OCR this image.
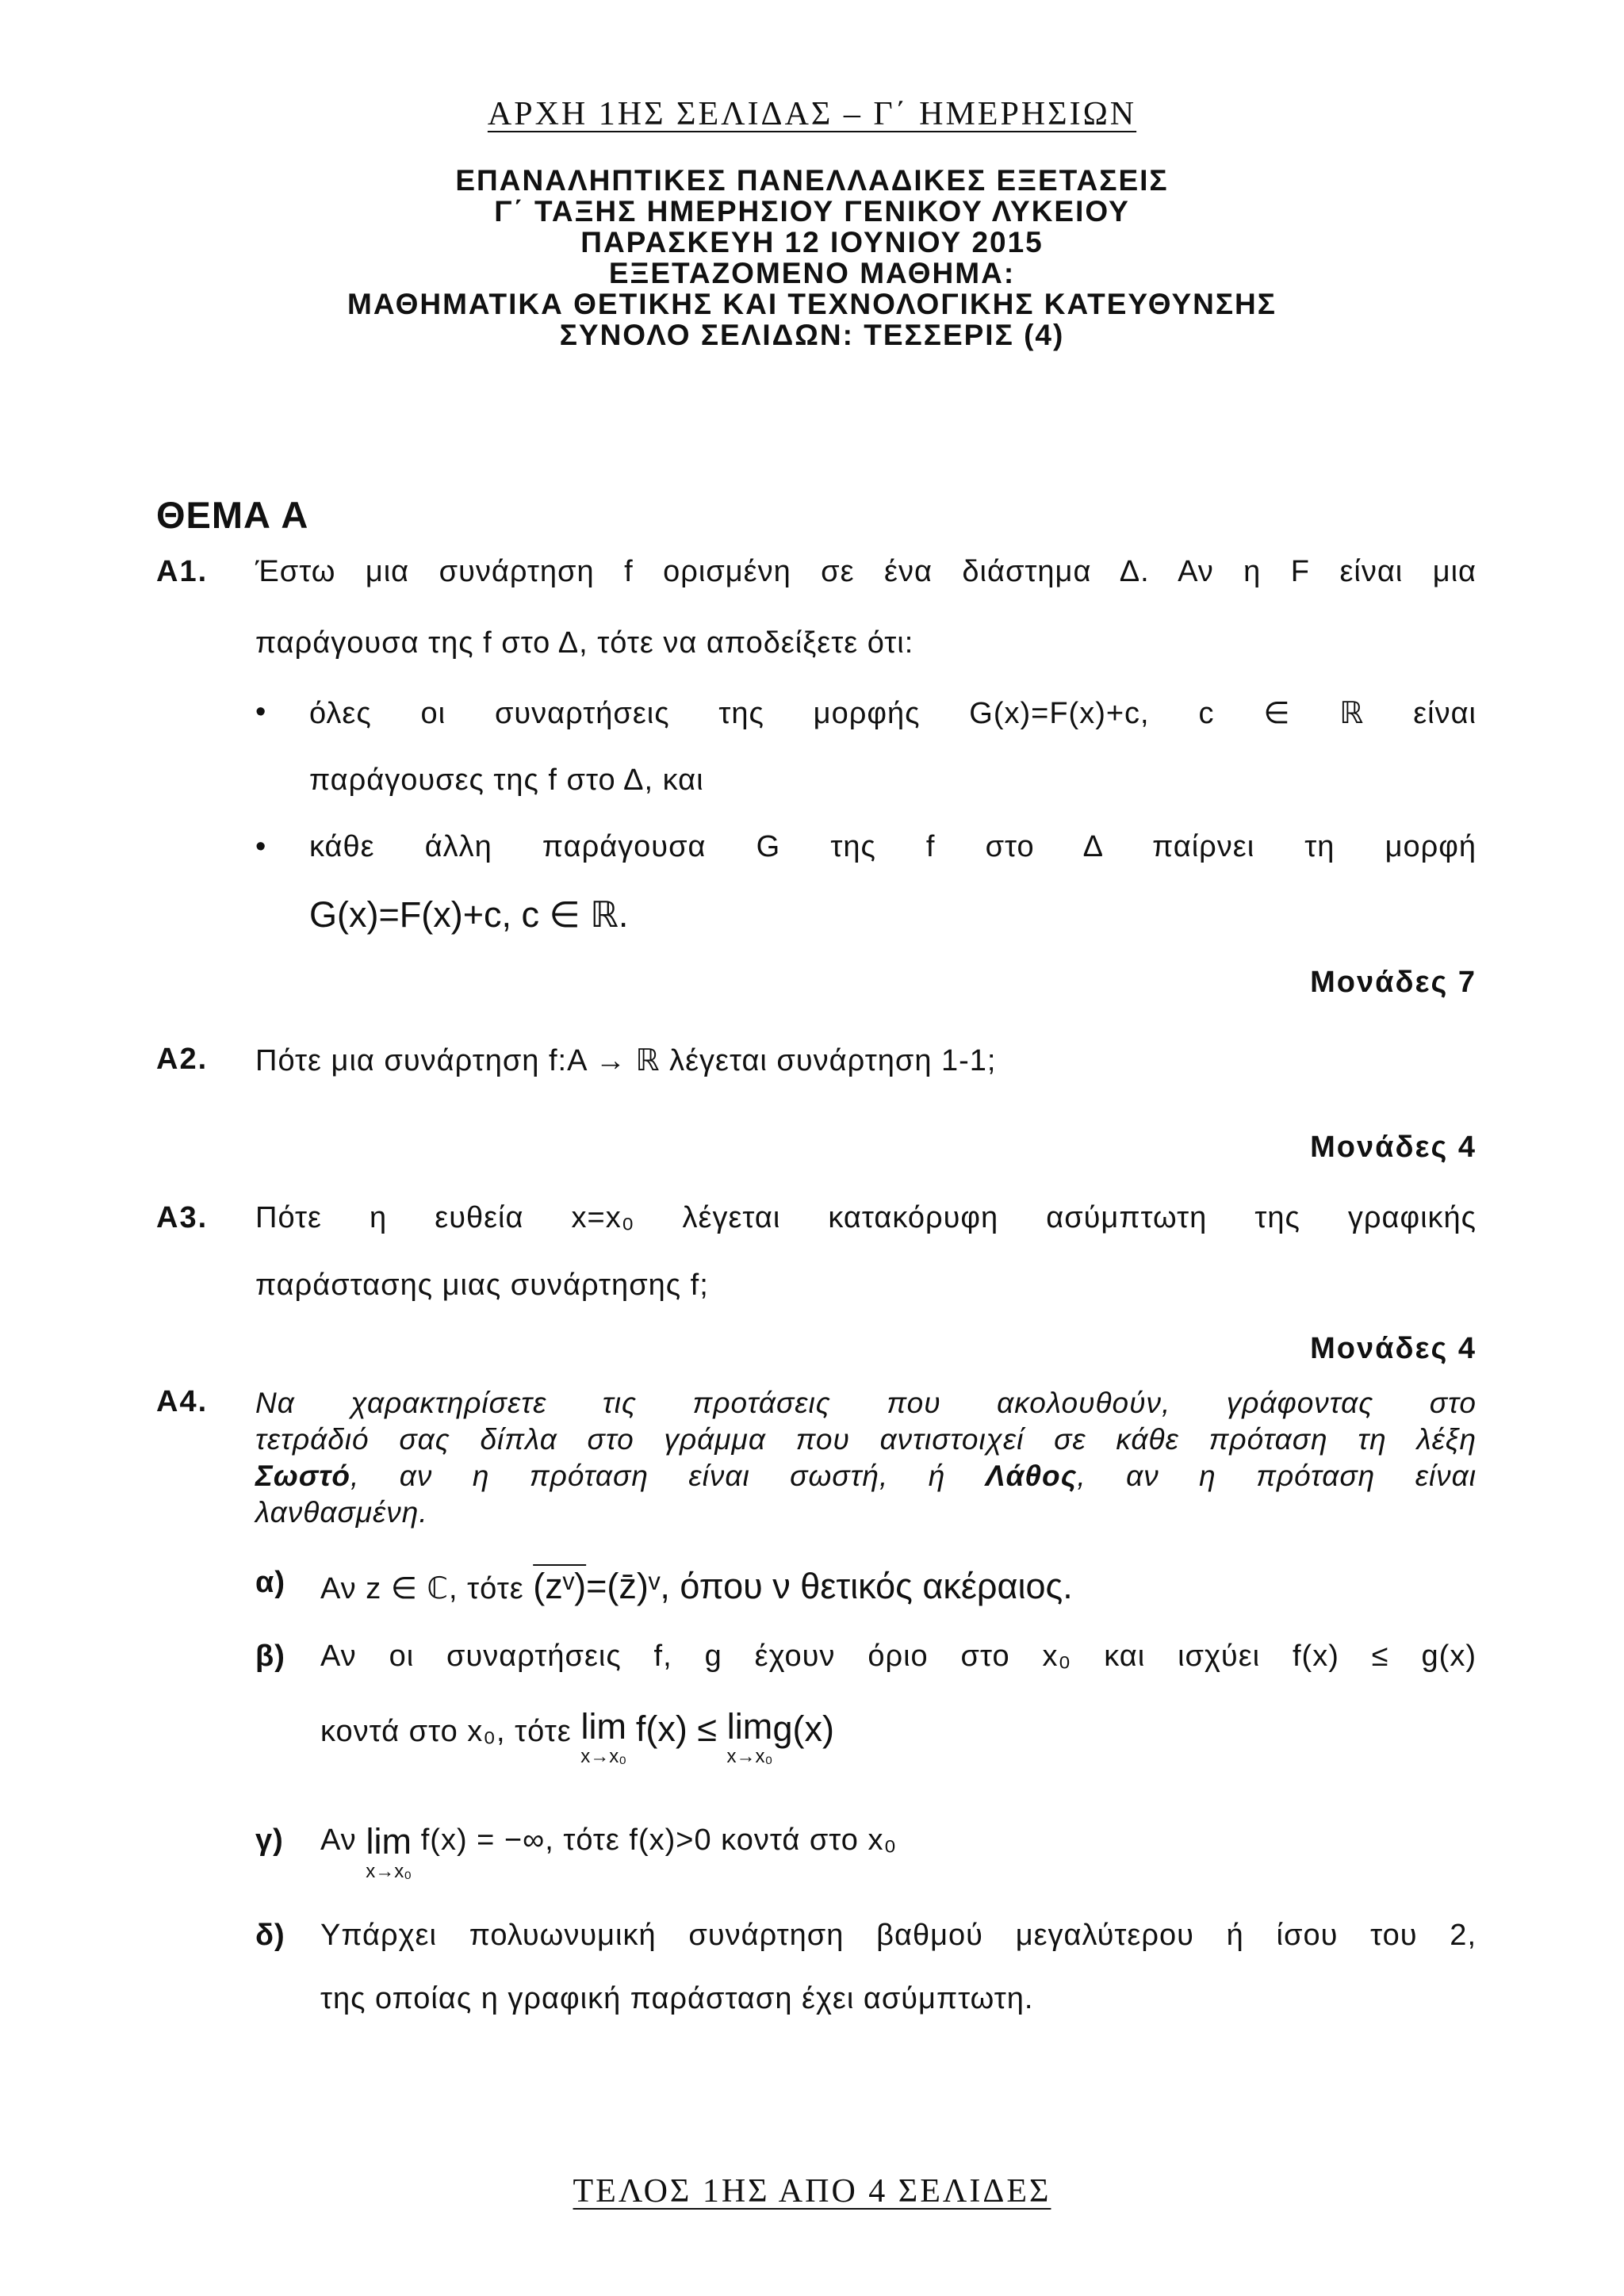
ΑΡΧΗ 1ΗΣ ΣΕΛΙΔΑΣ – Γ΄ ΗΜΕΡΗΣΙΩΝ
ΕΠΑΝΑΛΗΠΤΙΚΕΣ ΠΑΝΕΛΛΑΔΙΚΕΣ ΕΞΕΤΑΣΕΙΣ
Γ΄ ΤΑΞΗΣ ΗΜΕΡΗΣΙΟΥ ΓΕΝΙΚΟΥ ΛΥΚΕΙΟΥ
ΠΑΡΑΣΚΕΥΗ 12 ΙΟΥΝΙΟΥ 2015
ΕΞΕΤΑΖΟΜΕΝΟ ΜΑΘΗΜΑ:
ΜΑΘΗΜΑΤΙΚΑ ΘΕΤΙΚΗΣ ΚΑΙ ΤΕΧΝΟΛΟΓΙΚΗΣ ΚΑΤΕΥΘΥΝΣΗΣ
ΣΥΝΟΛΟ ΣΕΛΙΔΩΝ: ΤΕΣΣΕΡΙΣ (4)
ΘΕΜΑ Α
Α1. Έστω μια συνάρτηση f ορισμένη σε ένα διάστημα Δ. Αν η F είναι μια
παράγουσα της f στο Δ, τότε να αποδείξετε ότι:
• όλες οι συναρτήσεις της μορφής G(x)=F(x)+c, c ∈ ℝ είναι
παράγουσες της f στο Δ, και
• κάθε άλλη παράγουσα G της f στο Δ παίρνει τη μορφή
G(x)=F(x)+c, c ∈ ℝ.
Μονάδες 7
Α2. Πότε μια συνάρτηση f:A → ℝ λέγεται συνάρτηση 1-1;
Μονάδες 4
Α3. Πότε η ευθεία x=x₀ λέγεται κατακόρυφη ασύμπτωτη της γραφικής
παράστασης μιας συνάρτησης f;
Μονάδες 4
Α4. Να χαρακτηρίσετε τις προτάσεις που ακολουθούν, γράφοντας στο
τετράδιό σας δίπλα στο γράμμα που αντιστοιχεί σε κάθε πρόταση τη λέξη
Σωστό, αν η πρόταση είναι σωστή, ή Λάθος, αν η πρόταση είναι
λανθασμένη.
α) Αν z ∈ ℂ, τότε (zᵛ)=(z̄)ᵛ, όπου ν θετικός ακέραιος.
β) Αν οι συναρτήσεις f, g έχουν όριο στο x₀ και ισχύει f(x) ≤ g(x)
κοντά στο x₀, τότε lim
x→x₀
f(x) ≤ lim
x→x₀
g(x)
γ) Αν lim
x→x₀
f(x) = −∞, τότε f(x)>0 κοντά στο x₀
δ) Υπάρχει πολυωνυμική συνάρτηση βαθμού μεγαλύτερου ή ίσου του 2,
της οποίας η γραφική παράσταση έχει ασύμπτωτη.
ΤΕΛΟΣ 1ΗΣ ΑΠΟ 4 ΣΕΛΙΔΕΣ
